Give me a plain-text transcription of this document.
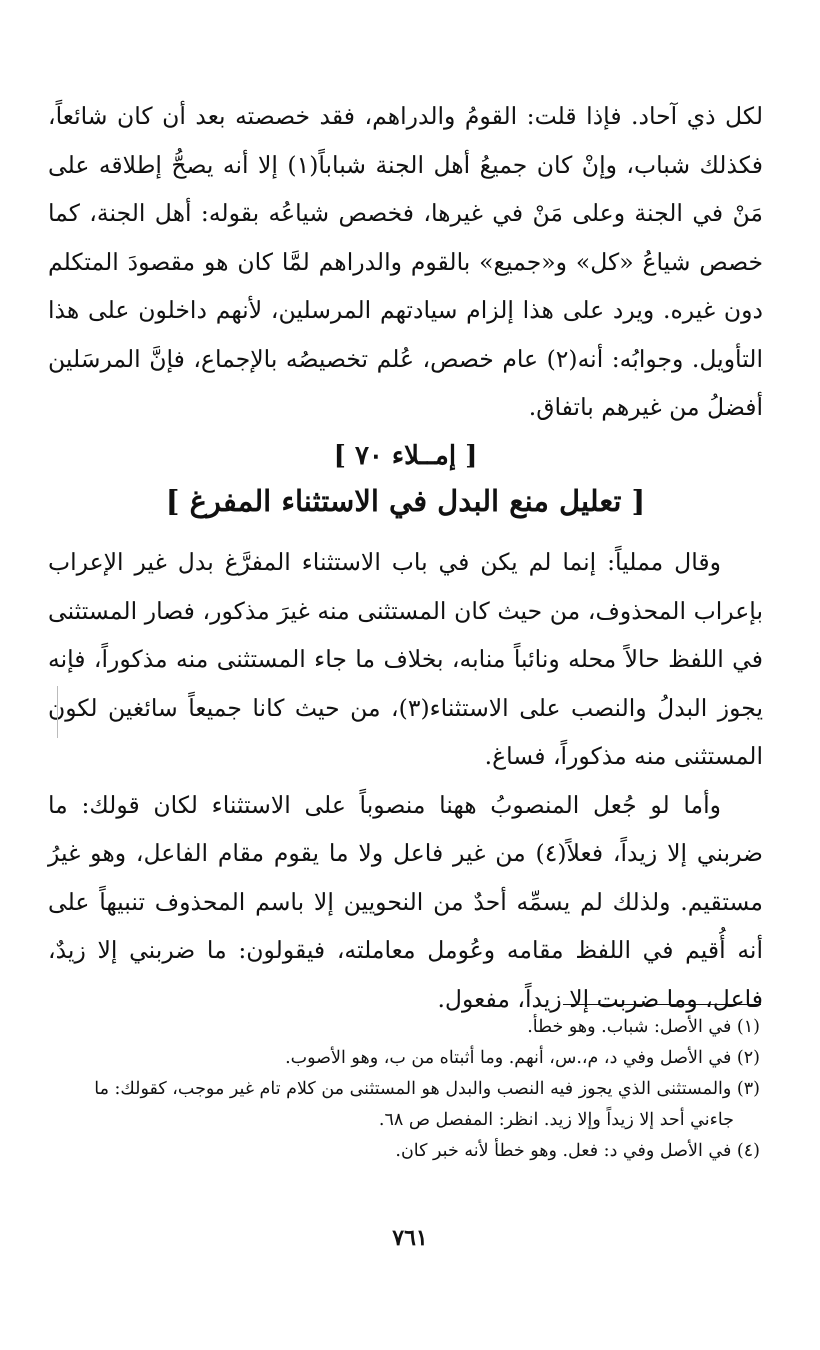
لكل ذي آحاد. فإذا قلت: القومُ والدراهم، فقد خصصته بعد أن كان شائعاً، فكذلك شباب، وإنْ كان جميعُ أهل الجنة شباباً(١) إلا أنه يصحُّ إطلاقه على مَنْ في الجنة وعلى مَنْ في غيرها، فخصص شياعُه بقوله: أهل الجنة، كما خصص شياعُ «كل» و«جميع» بالقوم والدراهم لمَّا كان هو مقصودَ المتكلم دون غيره. ويرد على هذا إلزام سيادتهم المرسلين، لأنهم داخلون على هذا التأويل. وجوابُه: أنه(٢) عام خصص، عُلم تخصيصُه بالإجماع، فإنَّ المرسَلين أفضلُ من غيرهم باتفاق.

[ إمــلاء ٧٠ ]
[ تعليل منع البدل في الاستثناء المفرغ ]

وقال مملياً: إنما لم يكن في باب الاستثناء المفرَّغ بدل غير الإعراب بإعراب المحذوف، من حيث كان المستثنى منه غيرَ مذكور، فصار المستثنى في اللفظ حالاً محله ونائباً منابه، بخلاف ما جاء المستثنى منه مذكوراً، فإنه يجوز البدلُ والنصب على الاستثناء(٣)، من حيث كانا جميعاً سائغين لكون المستثنى منه مذكوراً، فساغ.

وأما لو جُعل المنصوبُ ههنا منصوباً على الاستثناء لكان قولك: ما ضربني إلا زيداً، فعلاً(٤) من غير فاعل ولا ما يقوم مقام الفاعل، وهو غيرُ مستقيم. ولذلك لم يسمِّه أحدٌ من النحويين إلا باسم المحذوف تنبيهاً على أنه أُقيم في اللفظ مقامه وعُومل معاملته، فيقولون: ما ضربني إلا زيدٌ، فاعل، وما ضربت إلا زيداً، مفعول.

(١) في الأصل: شباب. وهو خطأ.

(٢) في الأصل وفي د، م،.س، أنهم. وما أثبتاه من ب، وهو الأصوب.

(٣) والمستثنى الذي يجوز فيه النصب والبدل هو المستثنى من كلام تام غير موجب، كقولك: ما

جاءني أحد إلا زيداً وإلا زيد. انظر: المفصل ص ٦٨.

(٤) في الأصل وفي د: فعل. وهو خطأ لأنه خبر كان.

٧٦١
